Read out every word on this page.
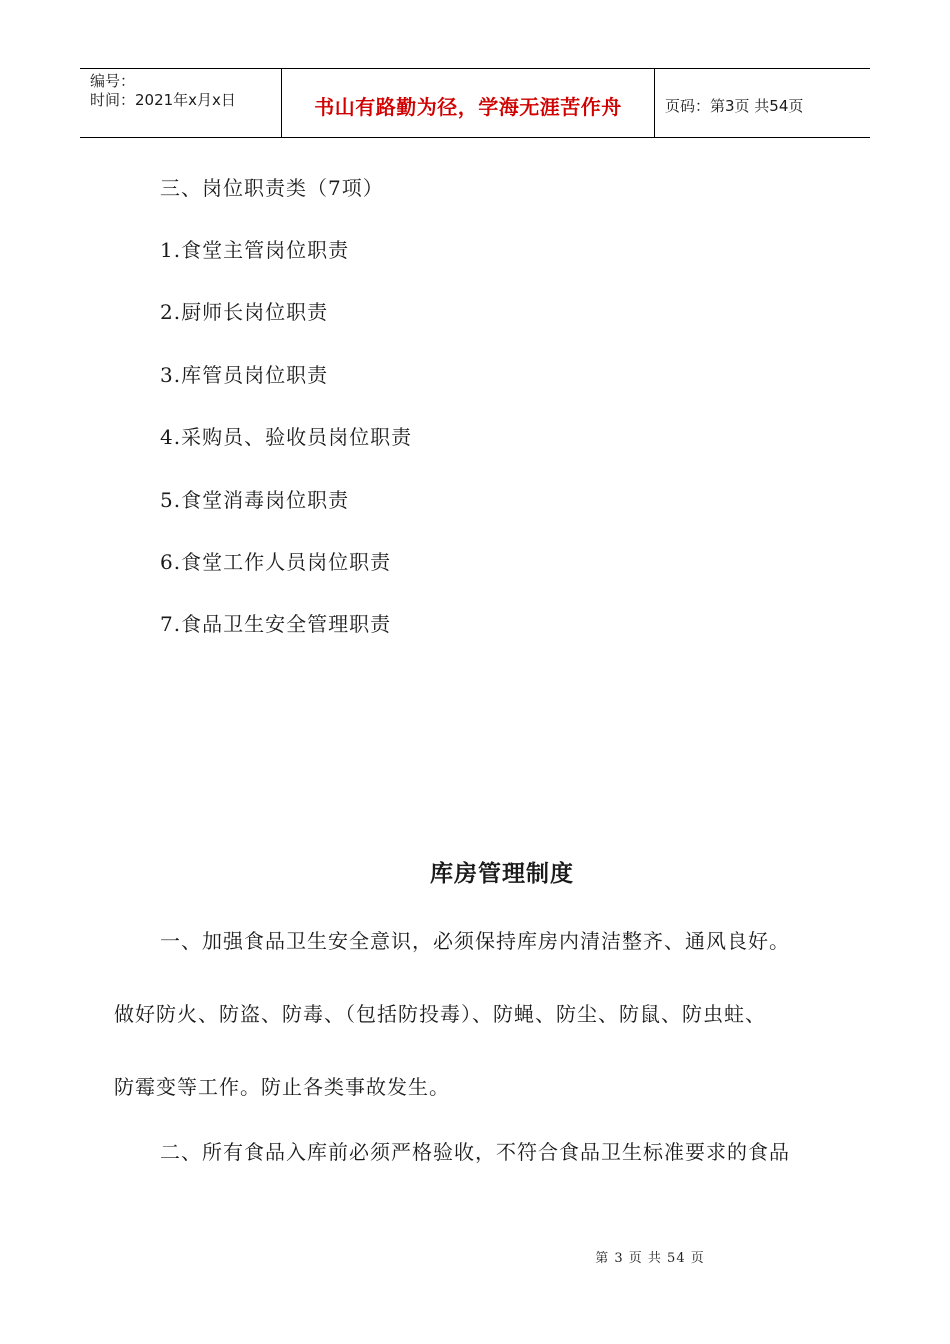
编号：
时间：2021年x月x日	书山有路勤为径，学海无涯苦作舟	页码：第3页 共54页
三、岗位职责类（7项）
1.食堂主管岗位职责
2.厨师长岗位职责
3.库管员岗位职责
4.采购员、验收员岗位职责
5.食堂消毒岗位职责
6.食堂工作人员岗位职责
7.食品卫生安全管理职责
库房管理制度
一、加强食品卫生安全意识，必须保持库房内清洁整齐、通风良好。
做好防火、防盗、防毒、（包括防投毒）、防蝇、防尘、防鼠、防虫蛀、
防霉变等工作。防止各类事故发生。
二、所有食品入库前必须严格验收，不符合食品卫生标准要求的食品
第 3 页 共 54 页
